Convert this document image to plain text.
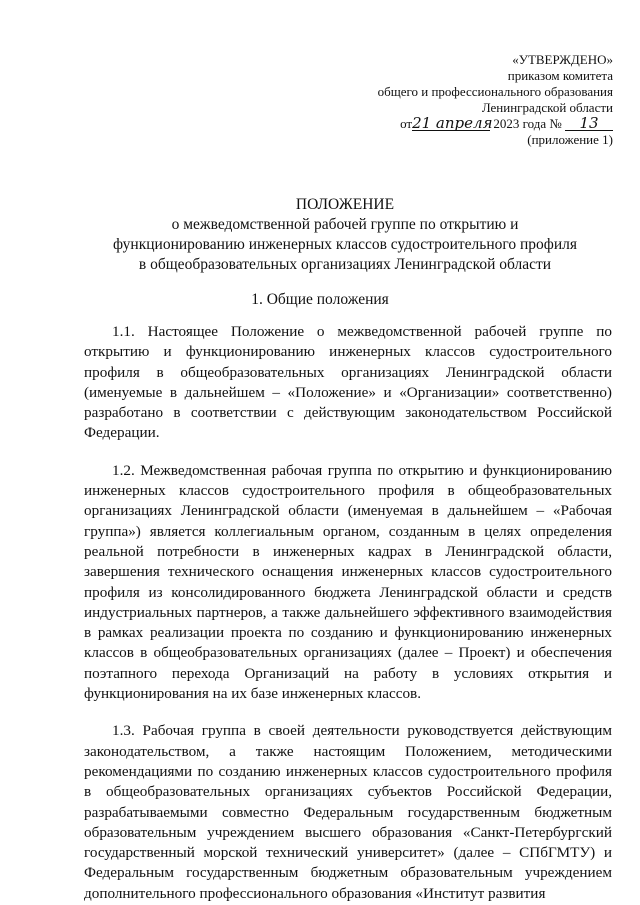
«УТВЕРЖДЕНО»
приказом комитета
общего и профессионального образования
Ленинградской области
от21 апреля 2023 года № 13
(приложение 1)
ПОЛОЖЕНИЕ
о межведомственной рабочей группе по открытию и функционированию инженерных классов судостроительного профиля в общеобразовательных организациях Ленинградской области
1. Общие положения

1.1. Настоящее Положение о межведомственной рабочей группе по открытию и функционированию инженерных классов судостроительного профиля в общеобразовательных организациях Ленинградской области (именуемые в дальнейшем – «Положение» и «Организации» соответственно) разработано в соответствии с действующим законодательством Российской Федерации.

1.2. Межведомственная рабочая группа по открытию и функционированию инженерных классов судостроительного профиля в общеобразовательных организациях Ленинградской области (именуемая в дальнейшем – «Рабочая группа») является коллегиальным органом, созданным в целях определения реальной потребности в инженерных кадрах в Ленинградской области, завершения технического оснащения инженерных классов судостроительного профиля из консолидированного бюджета Ленинградской области и средств индустриальных партнеров, а также дальнейшего эффективного взаимодействия в рамках реализации проекта по созданию и функционированию инженерных классов в общеобразовательных организациях (далее – Проект) и обеспечения поэтапного перехода Организаций на работу в условиях открытия и функционирования на их базе инженерных классов.

1.3. Рабочая группа в своей деятельности руководствуется действующим законодательством, а также настоящим Положением, методическими рекомендациями по созданию инженерных классов судостроительного профиля в общеобразовательных организациях субъектов Российской Федерации, разрабатываемыми совместно Федеральным государственным бюджетным образовательным учреждением высшего образования «Санкт-Петербургский государственный морской технический университет» (далее – СПбГМТУ) и Федеральным государственным бюджетным образовательным учреждением дополнительного профессионального образования «Институт развития
